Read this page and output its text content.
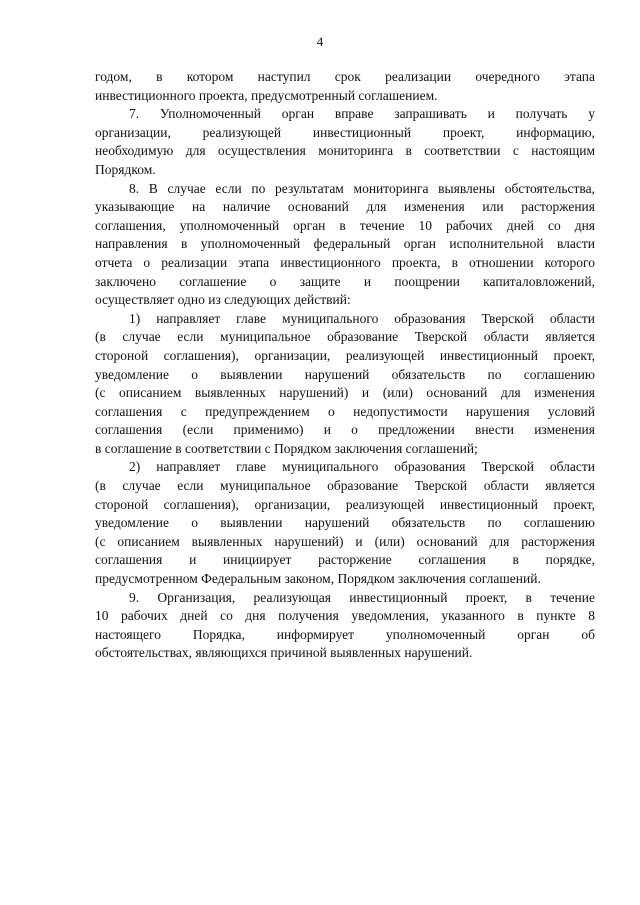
4
годом, в котором наступил срок реализации очередного этапа
инвестиционного проекта, предусмотренный соглашением.
7. Уполномоченный орган вправе запрашивать и получать у
организации, реализующей инвестиционный проект, информацию,
необходимую для осуществления мониторинга в соответствии с настоящим
Порядком.
8. В случае если по результатам мониторинга выявлены обстоятельства,
указывающие на наличие оснований для изменения или расторжения
соглашения, уполномоченный орган в течение 10 рабочих дней со дня
направления в уполномоченный федеральный орган исполнительной власти
отчета о реализации этапа инвестиционного проекта, в отношении которого
заключено соглашение о защите и поощрении капиталовложений,
осуществляет одно из следующих действий:
1) направляет главе муниципального образования Тверской области
(в случае если муниципальное образование Тверской области является
стороной соглашения), организации, реализующей инвестиционный проект,
уведомление о выявлении нарушений обязательств по соглашению
(с описанием выявленных нарушений) и (или) оснований для изменения
соглашения с предупреждением о недопустимости нарушения условий
соглашения (если применимо) и о предложении внести изменения
в соглашение в соответствии с Порядком заключения соглашений;
2) направляет главе муниципального образования Тверской области
(в случае если муниципальное образование Тверской области является
стороной соглашения), организации, реализующей инвестиционный проект,
уведомление о выявлении нарушений обязательств по соглашению
(с описанием выявленных нарушений) и (или) оснований для расторжения
соглашения и инициирует расторжение соглашения в порядке,
предусмотренном Федеральным законом, Порядком заключения соглашений.
9. Организация, реализующая инвестиционный проект, в течение
10 рабочих дней со дня получения уведомления, указанного в пункте 8
настоящего Порядка, информирует уполномоченный орган об
обстоятельствах, являющихся причиной выявленных нарушений.
